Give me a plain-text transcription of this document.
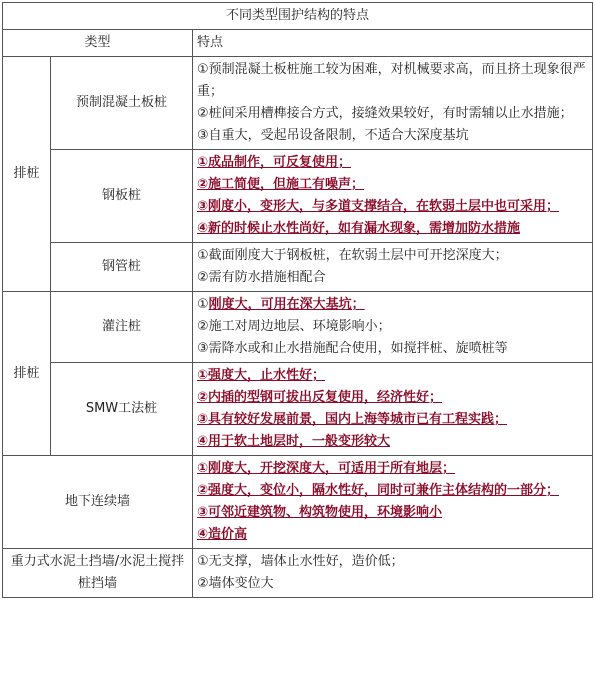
不同类型围护结构的特点		
类型		特点
排桩	预制混凝土板桩	①预制混凝土板桩施工较为困难，对机械要求高，而且挤土现象很严重；
②桩间采用槽榫接合方式，接缝效果较好，有时需辅以止水措施；
③自重大，受起吊设备限制，不适合大深度基坑

	钢板桩	①成品制作，可反复使用；
②施工简便，但施工有噪声；
③刚度小，变形大，与多道支撑结合，在软弱土层中也可采用；
④新的时候止水性尚好，如有漏水现象，需增加防水措施

	钢管桩	①截面刚度大于钢板桩，在软弱土层中可开挖深度大；
②需有防水措施相配合

排桩	灌注桩	①刚度大，可用在深大基坑；
②施工对周边地层、环境影响小；
③需降水或和止水措施配合使用，如搅拌桩、旋喷桩等

	SMW工法桩	①强度大，止水性好；
②内插的型钢可拔出反复使用，经济性好；
③具有较好发展前景，国内上海等城市已有工程实践；
④用于软土地层时，一般变形较大

地下连续墙		①刚度大，开挖深度大，可适用于所有地层；
②强度大，变位小，隔水性好，同时可兼作主体结构的一部分；
③可邻近建筑物、构筑物使用，环境影响小
④造价高

重力式水泥土挡墙/水泥土搅拌桩挡墙		①无支撑，墙体止水性好，造价低；
②墙体变位大
